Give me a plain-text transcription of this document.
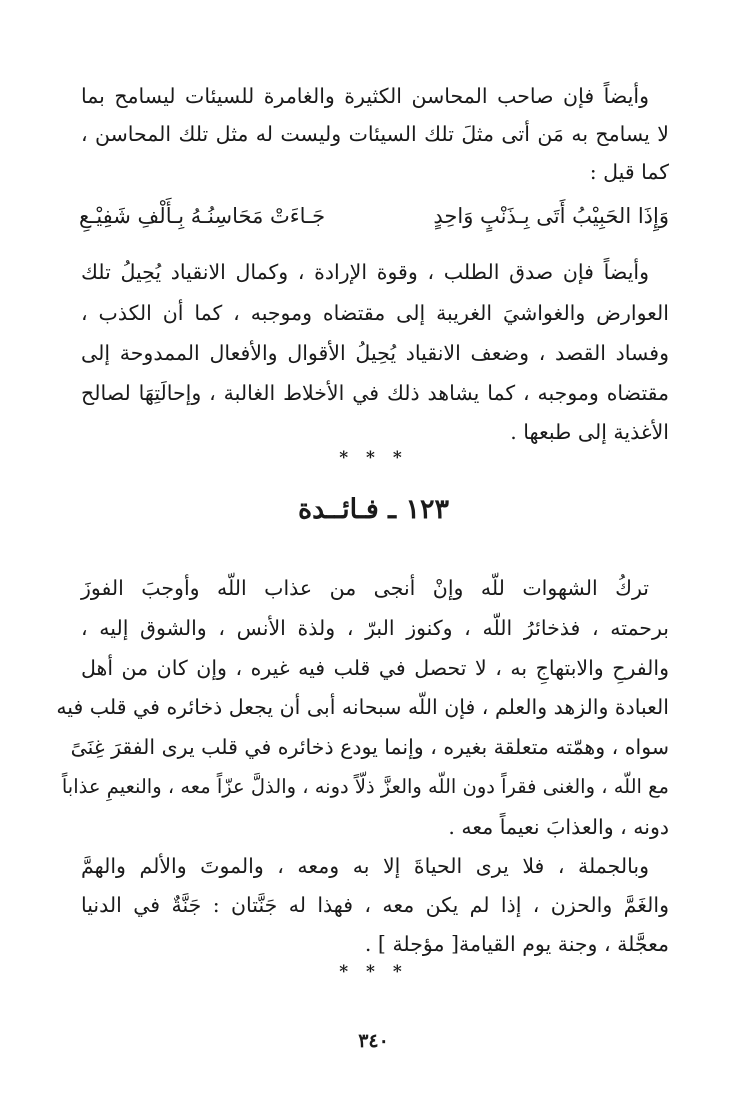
وأيضاً فإن صاحب المحاسن الكثيرة والغامرة للسيئات ليسامح بما
لا يسامح به مَن أتى مثلَ تلك السيئات وليست له مثل تلك المحاسن ،
كما قيل :
وَإِذَا الحَبِيْبُ أَتَى بِـذَنْبٍ وَاحِدٍ
جَـاءَتْ مَحَاسِنُـهُ بِـأَلْفِ شَفِيْـعِ
وأيضاً فإن صدق الطلب ، وقوة الإرادة ، وكمال الانقياد يُحِيلُ تلك
العوارض والغواشيَ الغريبة إلى مقتضاه وموجبه ، كما أن الكذب ،
وفساد القصد ، وضعف الانقياد يُحِيلُ الأقوال والأفعال الممدوحة إلى
مقتضاه وموجبه ، كما يشاهد ذلك في الأخلاط الغالبة ، وإحالَتِهَا لصالح
الأغذية إلى طبعها .
* * *
١٢٣ ـ فـائــدة
تركُ الشهوات للّه وإنْ أنجى من عذاب اللّه وأوجبَ الفوزَ
برحمته ، فذخائرُ اللّه ، وكنوز البرّ ، ولذة الأنس ، والشوق إليه ،
والفرحِ والابتهاجِ به ، لا تحصل في قلب فيه غيره ، وإن كان من أهل
العبادة والزهد والعلم ، فإن اللّه سبحانه أبى أن يجعل ذخائره في قلب فيه
سواه ، وهمّته متعلقة بغيره ، وإنما يودع ذخائره في قلب يرى الفقرَ غِنَىً
مع اللّه ، والغنى فقراً دون اللّه والعزَّ ذلّاً دونه ، والذلَّ عزّاً معه ، والنعيمِ عذاباً
دونه ، والعذابَ نعيماً معه .
وبالجملة ، فلا يرى الحياةَ إلا به ومعه ، والموتَ والألم والهمَّ
والغَمَّ والحزن ، إذا لم يكن معه ، فهذا له جَنَّتان : جَنَّةٌ في الدنيا
معجَّلة ، وجنة يوم القيامة[ مؤجلة ] .
* * *
٣٤٠
